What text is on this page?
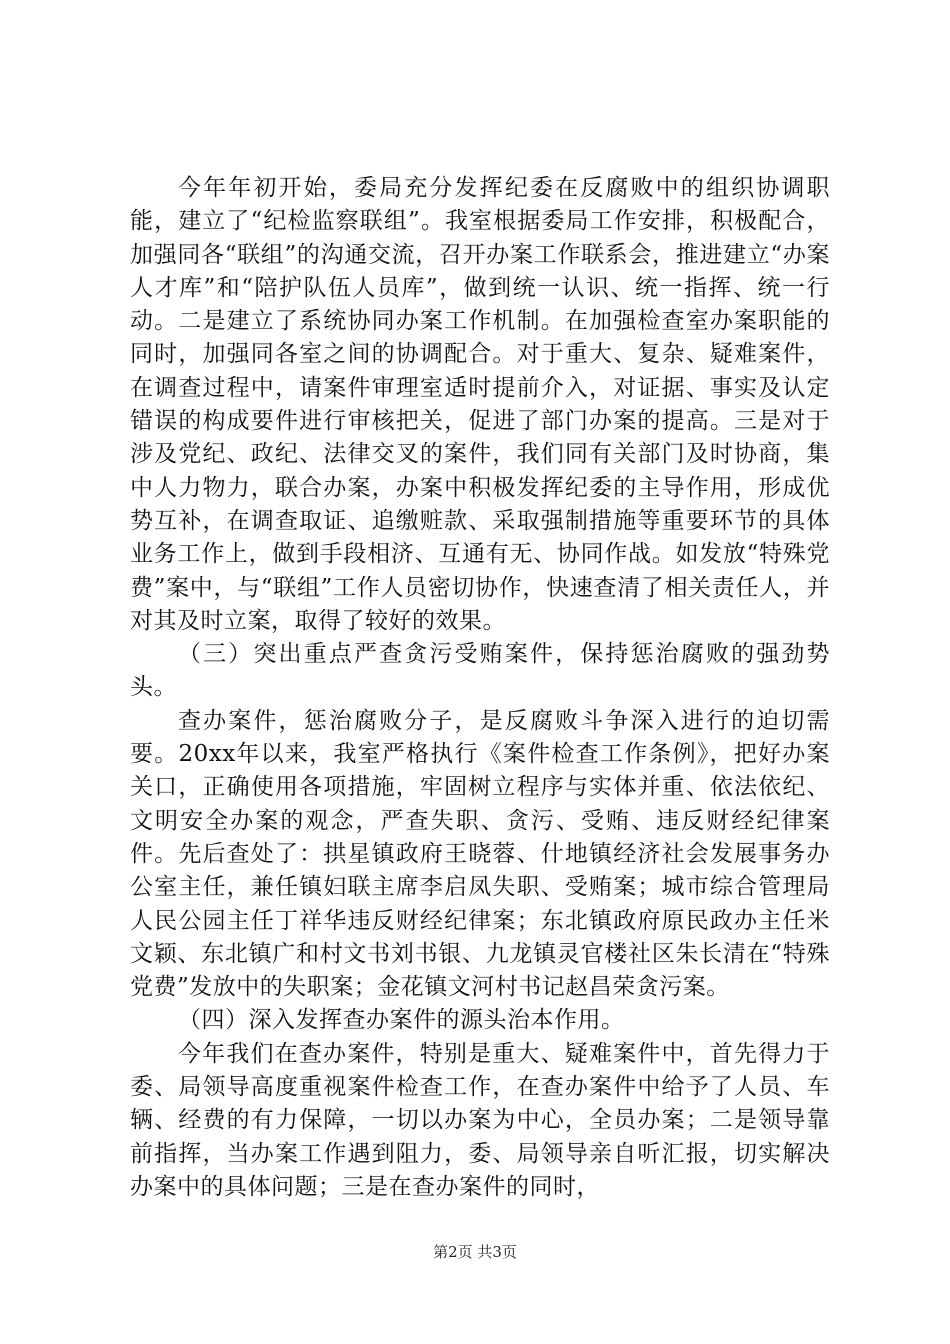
今年年初开始，委局充分发挥纪委在反腐败中的组织协调职能，建立了“纪检监察联组”。我室根据委局工作安排，积极配合，加强同各“联组”的沟通交流，召开办案工作联系会，推进建立“办案人才库”和“陪护队伍人员库”，做到统一认识、统一指挥、统一行动。二是建立了系统协同办案工作机制。在加强检查室办案职能的同时，加强同各室之间的协调配合。对于重大、复杂、疑难案件，在调查过程中，请案件审理室适时提前介入，对证据、事实及认定错误的构成要件进行审核把关，促进了部门办案的提高。三是对于涉及党纪、政纪、法律交叉的案件，我们同有关部门及时协商，集中人力物力，联合办案，办案中积极发挥纪委的主导作用，形成优势互补，在调查取证、追缴赃款、采取强制措施等重要环节的具体业务工作上，做到手段相济、互通有无、协同作战。如发放“特殊党费”案中，与“联组”工作人员密切协作，快速查清了相关责任人，并对其及时立案，取得了较好的效果。

（三）突出重点严查贪污受贿案件，保持惩治腐败的强劲势头。

查办案件，惩治腐败分子，是反腐败斗争深入进行的迫切需要。20xx年以来，我室严格执行《案件检查工作条例》，把好办案关口，正确使用各项措施，牢固树立程序与实体并重、依法依纪、文明安全办案的观念，严查失职、贪污、受贿、违反财经纪律案件。先后查处了：拱星镇政府王晓蓉、什地镇经济社会发展事务办公室主任，兼任镇妇联主席李启凤失职、受贿案；城市综合管理局人民公园主任丁祥华违反财经纪律案；东北镇政府原民政办主任米文颖、东北镇广和村文书刘书银、九龙镇灵官楼社区朱长清在“特殊党费”发放中的失职案；金花镇文河村书记赵昌荣贪污案。

（四）深入发挥查办案件的源头治本作用。

今年我们在查办案件，特别是重大、疑难案件中，首先得力于委、局领导高度重视案件检查工作，在查办案件中给予了人员、车辆、经费的有力保障，一切以办案为中心，全员办案；二是领导靠前指挥，当办案工作遇到阻力，委、局领导亲自听汇报，切实解决办案中的具体问题；三是在查办案件的同时，

第2页 共3页
